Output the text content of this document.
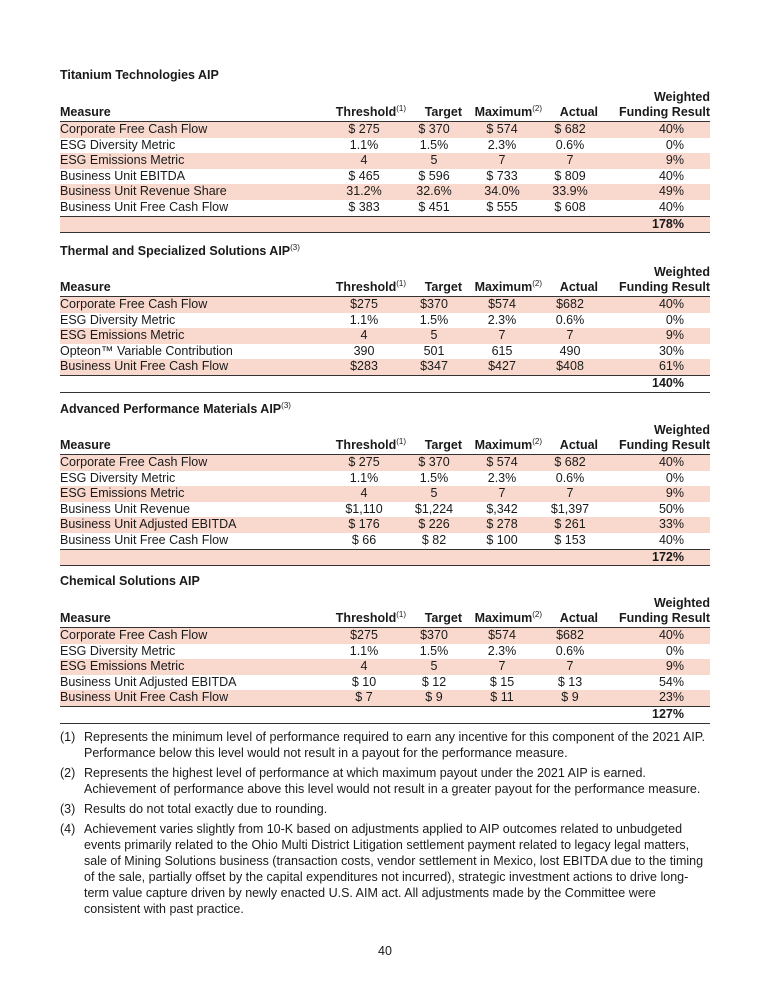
Titanium Technologies AIP
Measure	Threshold$^{(1)}$	Target	Maximum$^{(2)}$	Actual	Weighted
Funding Result
Corporate Free Cash Flow	$ 275	$ 370	$ 574	$ 682	40%
ESG Diversity Metric	1.1%	1.5%	2.3%	0.6%	0%
ESG Emissions Metric	4	5	7	7	9%
Business Unit EBITDA	$ 465	$ 596	$ 733	$ 809	40%
Business Unit Revenue Share	31.2%	32.6%	34.0%	33.9%	49%
Business Unit Free Cash Flow	$ 383	$ 451	$ 555	$ 608	40%
					178%
Thermal and Specialized Solutions AIP$^{(3)}$
Measure	Threshold$^{(1)}$	Target	Maximum$^{(2)}$	Actual	Weighted
Funding Result
Corporate Free Cash Flow	$275	$370	$574	$682	40%
ESG Diversity Metric	1.1%	1.5%	2.3%	0.6%	0%
ESG Emissions Metric	4	5	7	7	9%
Opteon™ Variable Contribution	390	501	615	490	30%
Business Unit Free Cash Flow	$283	$347	$427	$408	61%
					140%
Advanced Performance Materials AIP$^{(3)}$
Measure	Threshold$^{(1)}$	Target	Maximum$^{(2)}$	Actual	Weighted
Funding Result
Corporate Free Cash Flow	$ 275	$ 370	$ 574	$ 682	40%
ESG Diversity Metric	1.1%	1.5%	2.3%	0.6%	0%
ESG Emissions Metric	4	5	7	7	9%
Business Unit Revenue	$1,110	$1,224	$,342	$1,397	50%
Business Unit Adjusted EBITDA	$ 176	$ 226	$ 278	$ 261	33%
Business Unit Free Cash Flow	$ 66	$ 82	$ 100	$ 153	40%
					172%
Chemical Solutions AIP
Measure	Threshold$^{(1)}$	Target	Maximum$^{(2)}$	Actual	Weighted
Funding Result
Corporate Free Cash Flow	$275	$370	$574	$682	40%
ESG Diversity Metric	1.1%	1.5%	2.3%	0.6%	0%
ESG Emissions Metric	4	5	7	7	9%
Business Unit Adjusted EBITDA	$ 10	$ 12	$ 15	$ 13	54%
Business Unit Free Cash Flow	$ 7	$ 9	$ 11	$ 9	23%
					127%
(1) Represents the minimum level of performance required to earn any incentive for this component of the 2021 AIP. Performance below this level would not result in a payout for the performance measure.
(2) Represents the highest level of performance at which maximum payout under the 2021 AIP is earned. Achievement of performance above this level would not result in a greater payout for the performance measure.
(3) Results do not total exactly due to rounding.
(4) Achievement varies slightly from 10-K based on adjustments applied to AIP outcomes related to unbudgeted events primarily related to the Ohio Multi District Litigation settlement payment related to legacy legal matters, sale of Mining Solutions business (transaction costs, vendor settlement in Mexico, lost EBITDA due to the timing of the sale, partially offset by the capital expenditures not incurred), strategic investment actions to drive long-term value capture driven by newly enacted U.S. AIM act. All adjustments made by the Committee were consistent with past practice.
40
